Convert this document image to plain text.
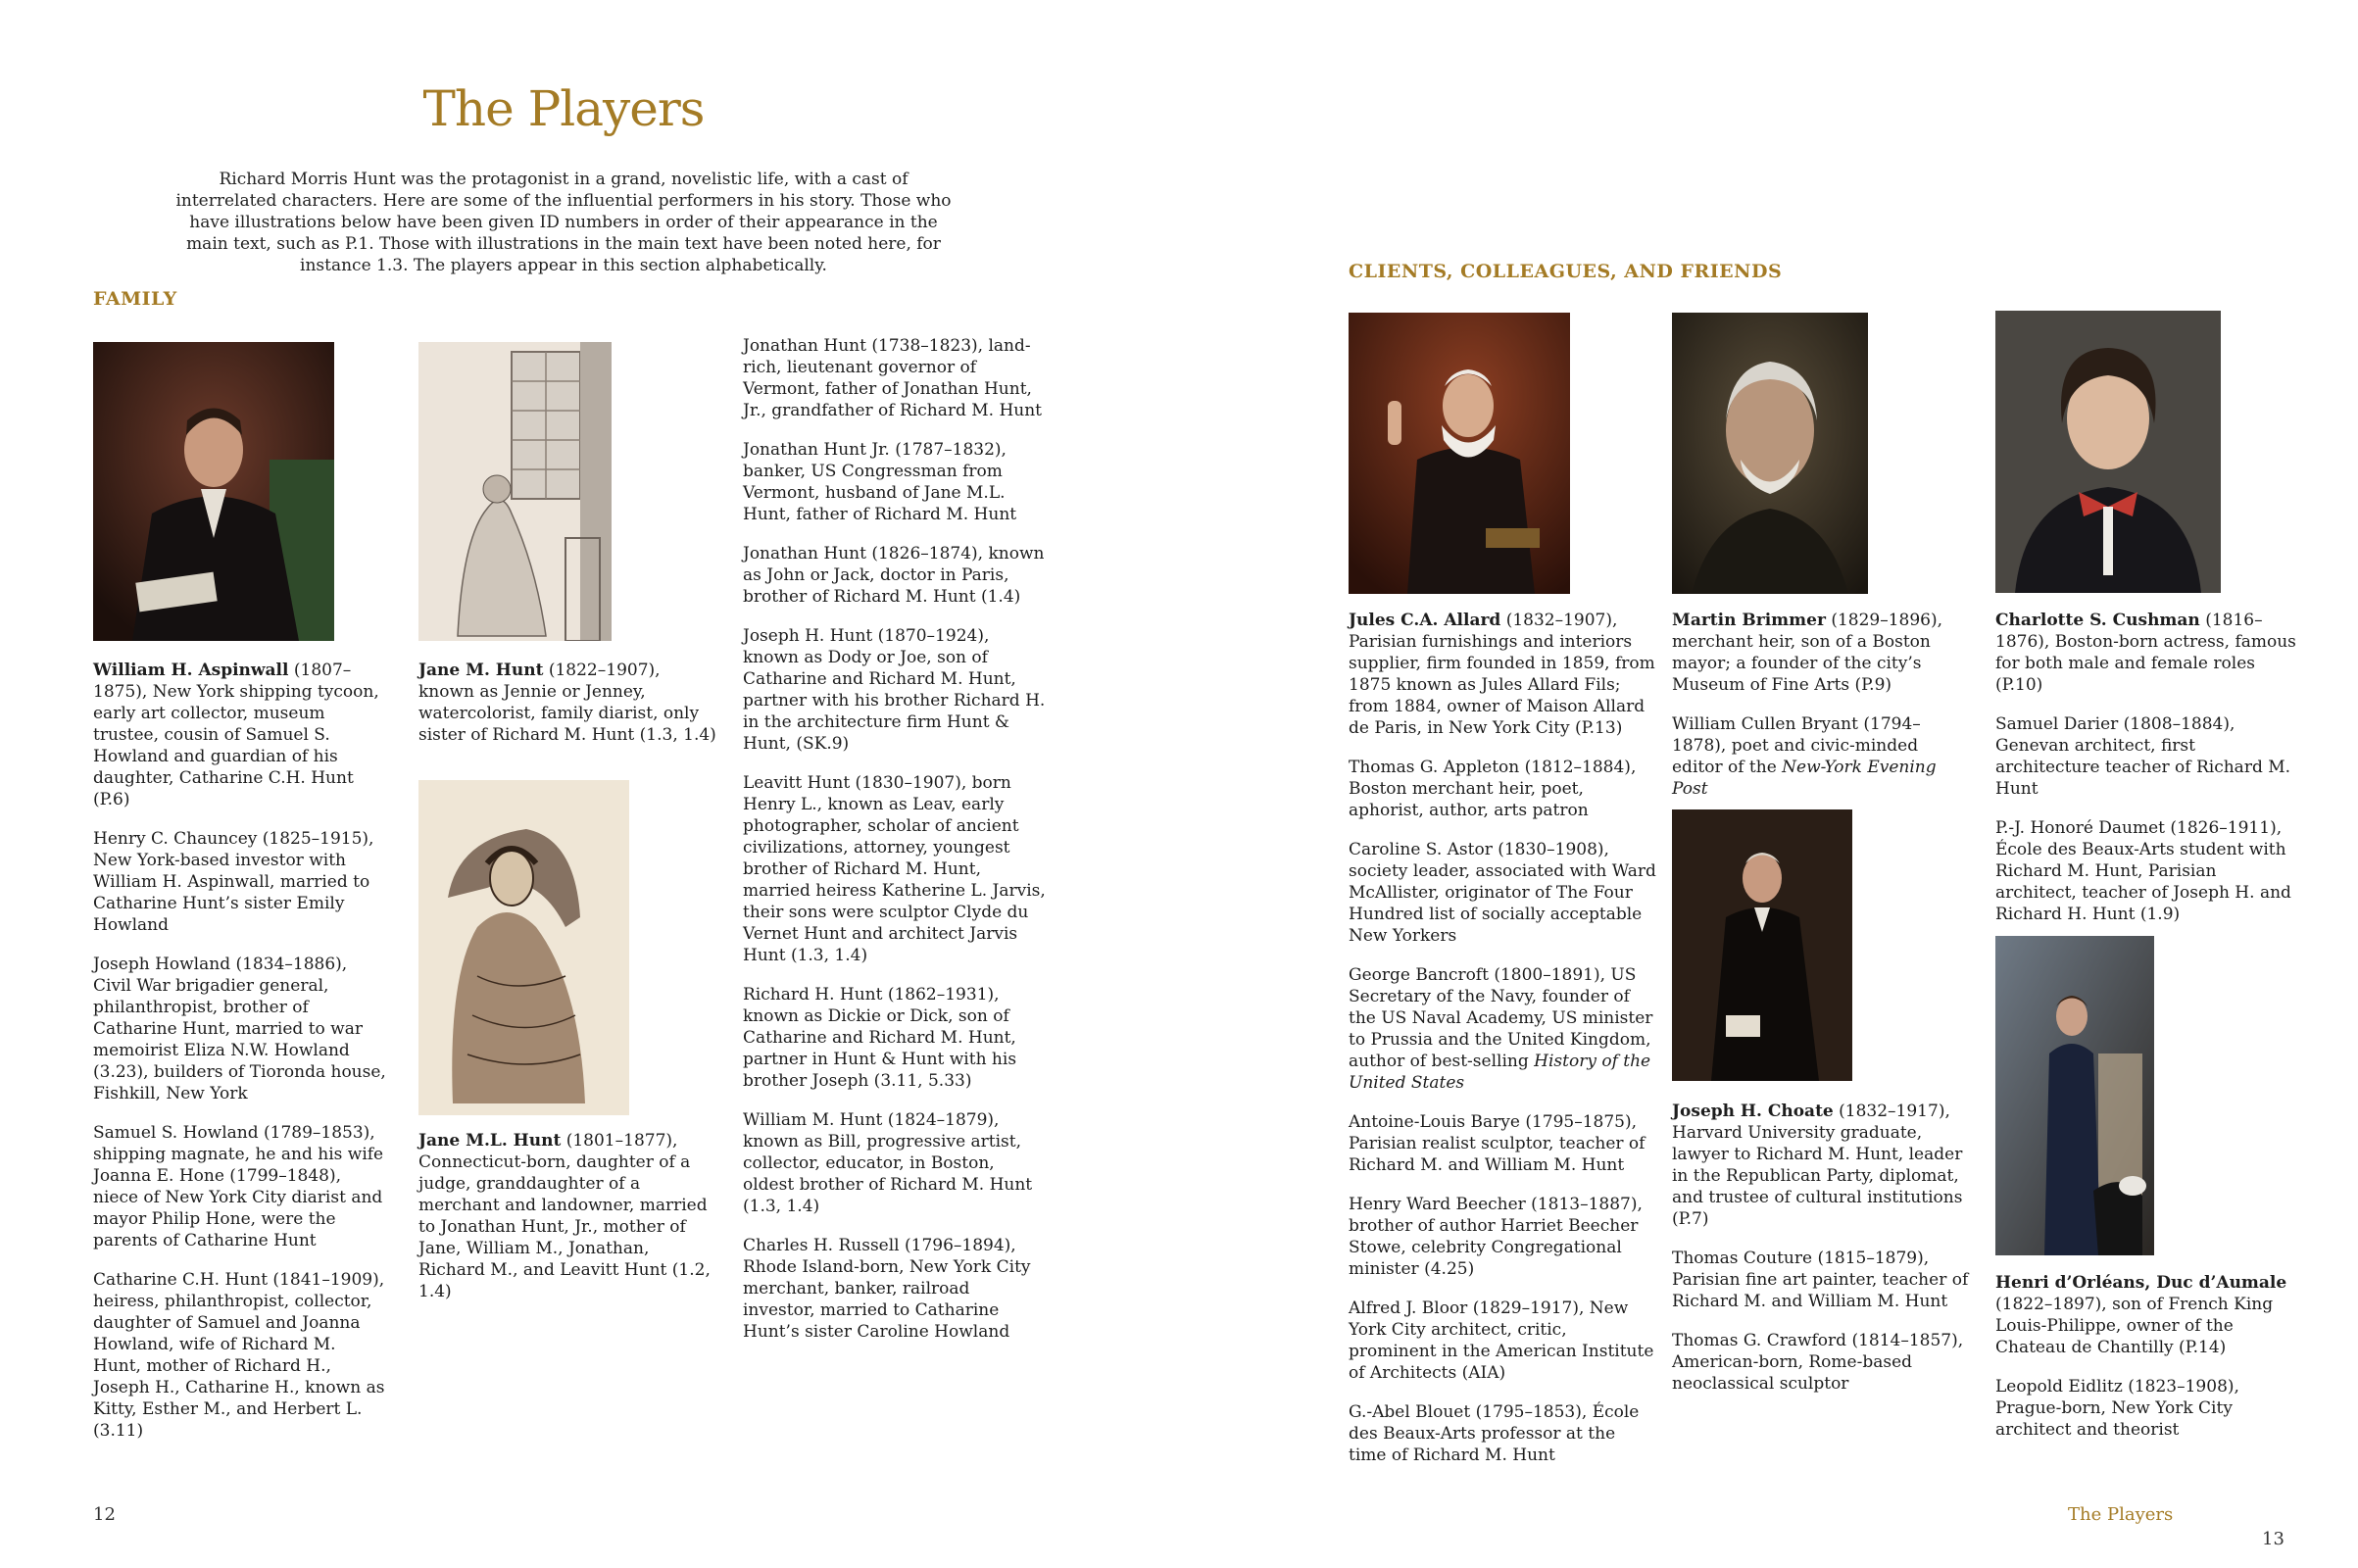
The Players
Richard Morris Hunt was the protagonist in a grand, novelistic life, with a cast of interrelated characters. Here are some of the influential performers in his story. Those who have illustrations below have been given ID numbers in order of their appearance in the main text, such as P.1. Those with illustrations in the main text have been noted here, for instance 1.3. The players appear in this section alphabetically.
FAMILY
William H. Aspinwall (1807–1875), New York shipping tycoon, early art collector, museum trustee, cousin of Samuel S. Howland and guardian of his daughter, Catharine C.H. Hunt (P.6)
Henry C. Chauncey (1825–1915), New York-based investor with William H. Aspinwall, married to Catharine Hunt’s sister Emily Howland
Joseph Howland (1834–1886), Civil War brigadier general, philanthropist, brother of Catharine Hunt, married to war memoirist Eliza N.W. Howland (3.23), builders of Tioronda house, Fishkill, New York
Samuel S. Howland (1789–1853), shipping magnate, he and his wife Joanna E. Hone (1799–1848), niece of New York City diarist and mayor Philip Hone, were the parents of Catharine Hunt
Catharine C.H. Hunt (1841–1909), heiress, philanthropist, collector, daughter of Samuel and Joanna Howland, wife of Richard M. Hunt, mother of Richard H., Joseph H., Catharine H., known as Kitty, Esther M., and Herbert L. (3.11)
Jane M. Hunt (1822–1907), known as Jennie or Jenney, watercolorist, family diarist, only sister of Richard M. Hunt (1.3, 1.4)
Jane M.L. Hunt (1801–1877), Connecticut-born, daughter of a judge, granddaughter of a merchant and landowner, married to Jonathan Hunt, Jr., mother of Jane, William M., Jonathan, Richard M., and Leavitt Hunt (1.2, 1.4)
Jonathan Hunt (1738–1823), land-rich, lieutenant governor of Vermont, father of Jonathan Hunt, Jr., grandfather of Richard M. Hunt
Jonathan Hunt Jr. (1787–1832), banker, US Congressman from Vermont, husband of Jane M.L. Hunt, father of Richard M. Hunt
Jonathan Hunt (1826–1874), known as John or Jack, doctor in Paris, brother of Richard M. Hunt (1.4)
Joseph H. Hunt (1870–1924), known as Dody or Joe, son of Catharine and Richard M. Hunt, partner with his brother Richard H. in the architecture firm Hunt & Hunt, (SK.9)
Leavitt Hunt (1830–1907), born Henry L., known as Leav, early photographer, scholar of ancient civilizations, attorney, youngest brother of Richard M. Hunt, married heiress Katherine L. Jarvis, their sons were sculptor Clyde du Vernet Hunt and architect Jarvis Hunt (1.3, 1.4)
Richard H. Hunt (1862–1931), known as Dickie or Dick, son of Catharine and Richard M. Hunt, partner in Hunt & Hunt with his brother Joseph (3.11, 5.33)
William M. Hunt (1824–1879), known as Bill, progressive artist, collector, educator, in Boston, oldest brother of Richard M. Hunt (1.3, 1.4)
Charles H. Russell (1796–1894), Rhode Island-born, New York City merchant, banker, railroad investor, married to Catharine Hunt’s sister Caroline Howland
12
CLIENTS, COLLEAGUES, AND FRIENDS
Jules C.A. Allard (1832–1907), Parisian furnishings and interiors supplier, firm founded in 1859, from 1875 known as Jules Allard Fils; from 1884, owner of Maison Allard de Paris, in New York City (P.13)
Thomas G. Appleton (1812–1884), Boston merchant heir, poet, aphorist, author, arts patron
Caroline S. Astor (1830–1908), society leader, associated with Ward McAllister, originator of The Four Hundred list of socially acceptable New Yorkers
George Bancroft (1800–1891), US Secretary of the Navy, founder of the US Naval Academy, US minister to Prussia and the United Kingdom, author of best-selling History of the United States
Antoine-Louis Barye (1795–1875), Parisian realist sculptor, teacher of Richard M. and William M. Hunt
Henry Ward Beecher (1813–1887), brother of author Harriet Beecher Stowe, celebrity Congregational minister (4.25)
Alfred J. Bloor (1829–1917), New York City architect, critic, prominent in the American Institute of Architects (AIA)
G.-Abel Blouet (1795–1853), École des Beaux-Arts professor at the time of Richard M. Hunt
Martin Brimmer (1829–1896), merchant heir, son of a Boston mayor; a founder of the city’s Museum of Fine Arts (P.9)
William Cullen Bryant (1794–1878), poet and civic-minded editor of the New-York Evening Post
Joseph H. Choate (1832–1917), Harvard University graduate, lawyer to Richard M. Hunt, leader in the Republican Party, diplomat, and trustee of cultural institutions (P.7)
Thomas Couture (1815–1879), Parisian fine art painter, teacher of Richard M. and William M. Hunt
Thomas G. Crawford (1814–1857), American-born, Rome-based neoclassical sculptor
Charlotte S. Cushman (1816–1876), Boston-born actress, famous for both male and female roles (P.10)
Samuel Darier (1808–1884), Genevan architect, first architecture teacher of Richard M. Hunt
P.-J. Honoré Daumet (1826–1911), École des Beaux-Arts student with Richard M. Hunt, Parisian architect, teacher of Joseph H. and Richard H. Hunt (1.9)
Henri d’Orléans, Duc d’Aumale (1822–1897), son of French King Louis-Philippe, owner of the Chateau de Chantilly (P.14)
Leopold Eidlitz (1823–1908), Prague-born, New York City architect and theorist
The Players
13
